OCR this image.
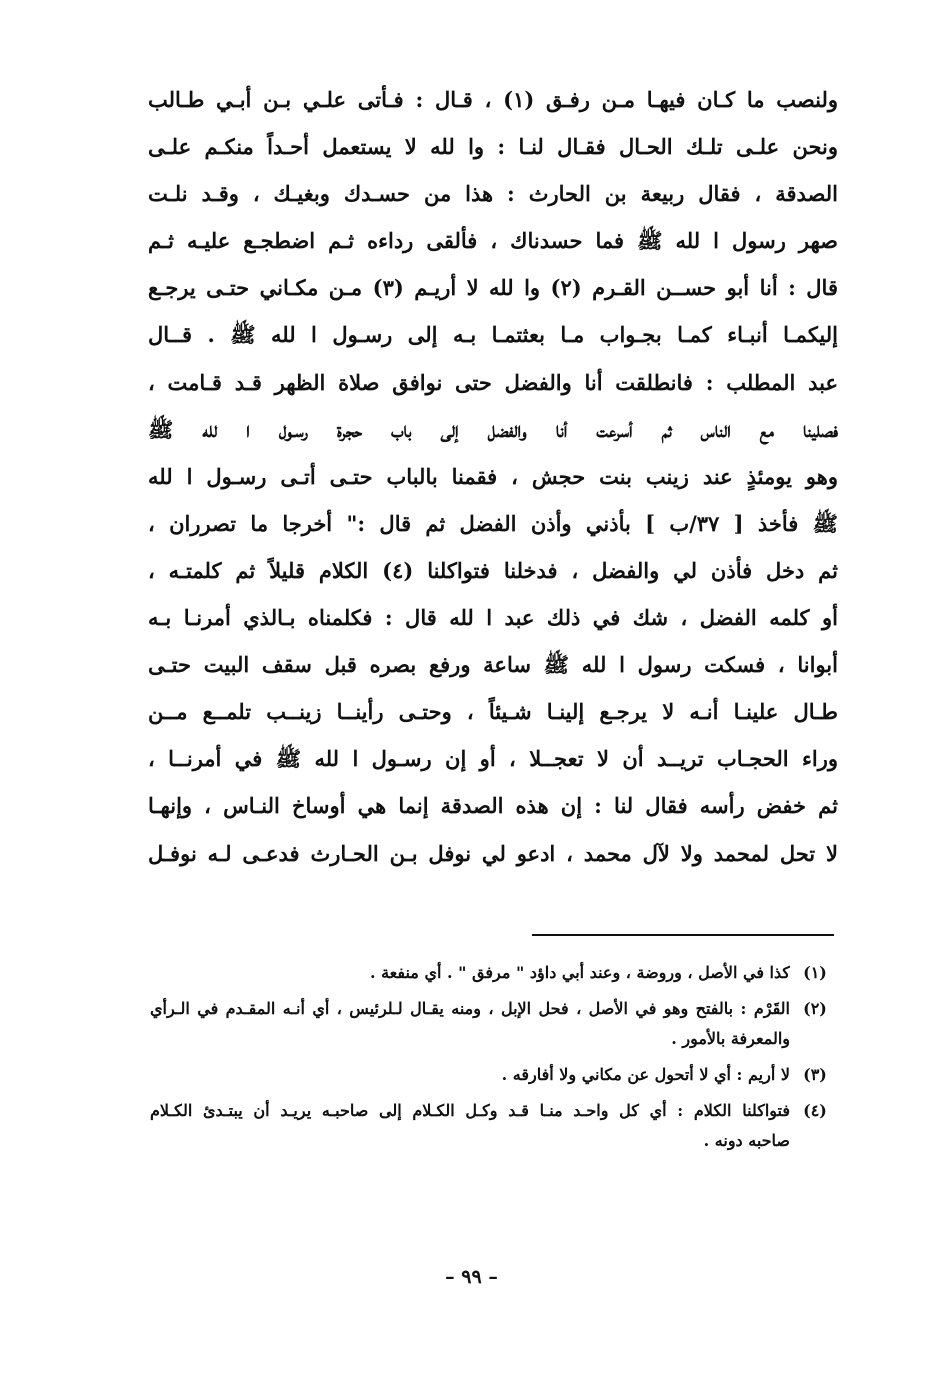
ولنصب ما كـان فيهـا مـن رفـق (١) ، قـال : فـأتى علـي بـن أبـي طـالب
ونحن علـى تلـك الحـال فقـال لنـا : وا لله لا يستعمل أحـداً منكـم علـى
الصدقة ، فقال ربيعة بن الحارث : هذا من حسـدك وبغيـك ، وقـد نلـت
صهر رسول ا لله ﷺ فما حسدناك ، فألقى رداءه ثـم اضطجـع عليـه ثـم
قال : أنا أبو حســن القـرم (٢) وا لله لا أريـم (٣) مـن مكـاني حتـى يرجـع
إليكمـا أنبـاء كمـا بجـواب مـا بعثتمـا بـه إلى رسـول ا لله ﷺ . قــال
عبد المطلب : فانطلقت أنا والفضل حتى نوافق صلاة الظهر قـد قـامت ،
فصلينا مع الناس ثم أسرعت أنا والفضل إلى باب حجرة رسـول ا لله ﷺ
وهو يومئذٍ عند زينب بنت حجش ، فقمنا بالباب حتـى أتـى رسـول ا لله
ﷺ فأخذ [ ٣٧/ب ] بأذني وأذن الفضل ثم قال :" أخرجا ما تصرران ،
ثم دخل فأذن لي والفضل ، فدخلنا فتواكلنا (٤) الكلام قليلاً ثم كلمتـه ،
أو كلمه الفضل ، شك في ذلك عبد ا لله قال : فكلمناه بـالذي أمرنـا بـه
أبوانا ، فسكت رسول ا لله ﷺ ساعة ورفع بصره قبل سقف البيت حتـى
طـال علينـا أنـه لا يرجـع إلينـا شـيئاً ، وحتـى رأينــا زينــب تلمــع مــن
وراء الحجـاب تريــد أن لا تعجــلا ، أو إن رسـول ا لله ﷺ في أمرنــا ،
ثم خفض رأسه فقال لنا : إن هذه الصدقة إنما هي أوساخ النـاس ، وإنهـا
لا تحل لمحمد ولا لآل محمد ، ادعو لي نوفل بـن الحـارث فدعـى لـه نوفـل
(١)
كذا في الأصل ، وروضة ، وعند أبي داؤد " مرفق " . أي منفعة .
(٢)
القَرْم : بالفتح وهو في الأصل ، فحل الإبل ، ومنه يقـال لـلرئيس ، أي أنـه المقـدم في الـرأي
والمعرفة بالأمور .
(٣)
لا أريم : أي لا أتحول عن مكاني ولا أفارقه .
(٤)
فتواكلنا الكلام : أي كل واحـد منـا قـد وكـل الكـلام إلى صاحبـه يريـد أن يبتـدئ الكـلام
صاحبه دونه .
– ٩٩ –
